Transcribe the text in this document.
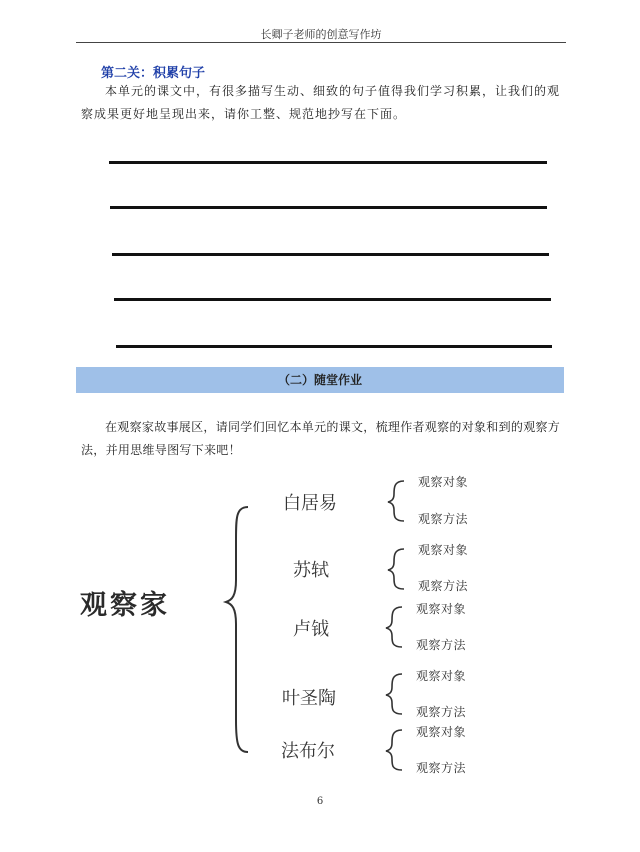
长卿子老师的创意写作坊
第二关：积累句子
本单元的课文中，有很多描写生动、细致的句子值得我们学习积累，让我们的观察成果更好地呈现出来，请你工整、规范地抄写在下面。
（二）随堂作业
在观察家故事展区，请同学们回忆本单元的课文，梳理作者观察的对象和到的观察方法，并用思维导图写下来吧！
观察家
白居易
苏轼
卢钺
叶圣陶
法布尔
观察对象
观察方法
观察对象
观察方法
观察对象
观察方法
观察对象
观察方法
观察对象
观察方法
6
